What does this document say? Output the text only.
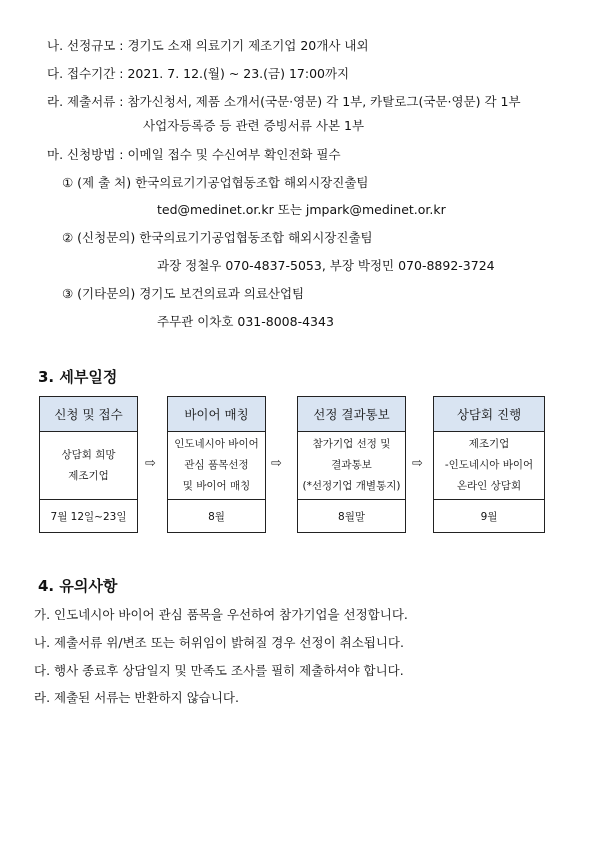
나. 선정규모 : 경기도 소재 의료기기 제조기업 20개사 내외
다. 접수기간 : 2021. 7. 12.(월) ~ 23.(금) 17:00까지
라. 제출서류 : 참가신청서, 제품 소개서(국문·영문) 각 1부, 카탈로그(국문·영문) 각 1부
사업자등록증 등 관련 증빙서류 사본 1부
마. 신청방법 : 이메일 접수 및 수신여부 확인전화 필수
① (제 출 처) 한국의료기기공업협동조합 해외시장진출팀
ted@medinet.or.kr 또는 jmpark@medinet.or.kr
② (신청문의) 한국의료기기공업협동조합 해외시장진출팀
과장 정철우 070-4837-5053, 부장 박정민 070-8892-3724
③ (기타문의) 경기도 보건의료과 의료산업팀
주무관 이차호 031-8008-4343
3. 세부일정
신청 및 접수
상담회 희망
제조기업
7월 12일~23일
⇨
바이어 매칭
인도네시아 바이어
관심 품목선정
및 바이어 매칭
8월
⇨
선정 결과통보
참가기업 선정 및
결과통보
(*선정기업 개별통지)
8월말
⇨
상담회 진행
제조기업
-인도네시아 바이어
온라인 상담회
9월
4. 유의사항
가. 인도네시아 바이어 관심 품목을 우선하여 참가기업을 선정합니다.
나. 제출서류 위/변조 또는 허위임이 밝혀질 경우 선정이 취소됩니다.
다. 행사 종료후 상담일지 및 만족도 조사를 필히 제출하셔야 합니다.
라. 제출된 서류는 반환하지 않습니다.
